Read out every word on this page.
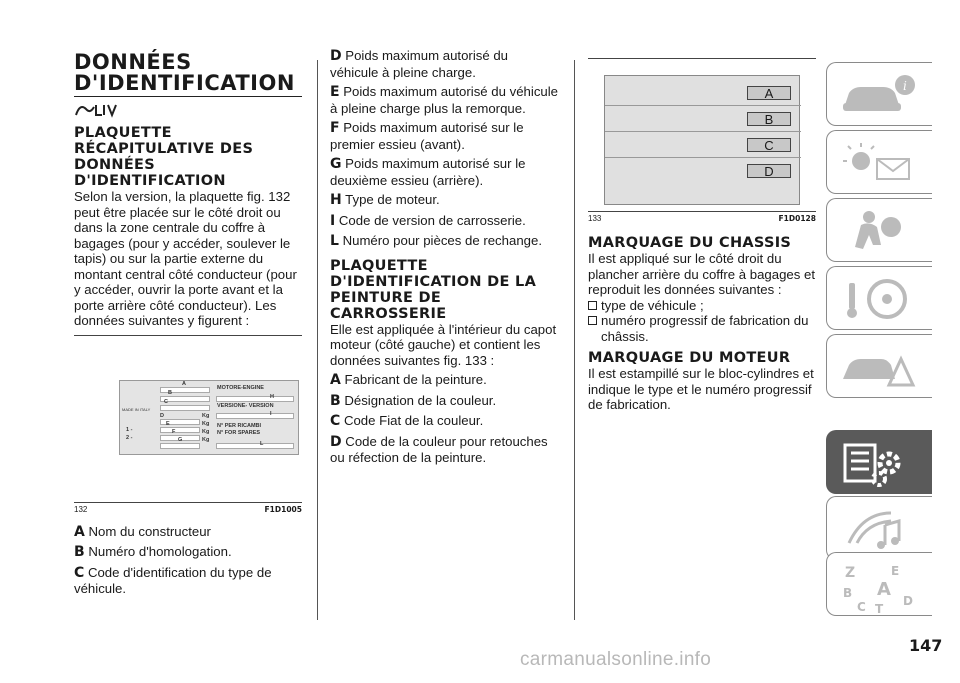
DONNÉES D'IDENTIFICATION
PLAQUETTE RÉCAPITULATIVE DES DONNÉES D'IDENTIFICATION
Selon la version, la plaquette fig. 132 peut être placée sur le côté droit ou dans la zone centrale du coffre à bagages (pour y accéder, soulever le tapis) ou sur la partie externe du montant central côté conducteur (pour y accéder, ouvrir la porte avant et la porte arrière côté conducteur). Les données suivantes y figurent :
MADE IN ITALY
A
B
C
D
E
F
G
1 -
2 -
Kg
Kg
Kg
Kg
MOTORE-ENGINE
H
VERSIONE- VERSION
I
N° PER RICAMBI
N° FOR SPARES
L
132	F1D1005
A Nom du constructeur
B Numéro d'homologation.
C Code d'identification du type de véhicule.
D Poids maximum autorisé du véhicule à pleine charge.
E Poids maximum autorisé du véhicule à pleine charge plus la remorque.
F Poids maximum autorisé sur le premier essieu (avant).
G Poids maximum autorisé sur le deuxième essieu (arrière).
H Type de moteur.
I Code de version de carrosserie.
L Numéro pour pièces de rechange.
PLAQUETTE D'IDENTIFICATION DE LA PEINTURE DE CARROSSERIE
Elle est appliquée à l'intérieur du capot moteur (côté gauche) et contient les données suivantes fig. 133 :
A Fabricant de la peinture.
B Désignation de la couleur.
C Code Fiat de la couleur.
D Code de la couleur pour retouches ou réfection de la peinture.
A
B
C
D
133	F1D0128
MARQUAGE DU CHASSIS
Il est appliqué sur le côté droit du plancher arrière du coffre à bagages et reproduit les données suivantes :
type de véhicule ;
numéro progressif de fabrication du châssis.
MARQUAGE DU MOTEUR
Il est estampillé sur le bloc-cylindres et indique le type et le numéro progressif de fabrication.
i
Z	E
A
B
D
C T
147
carmanualsonline.info
